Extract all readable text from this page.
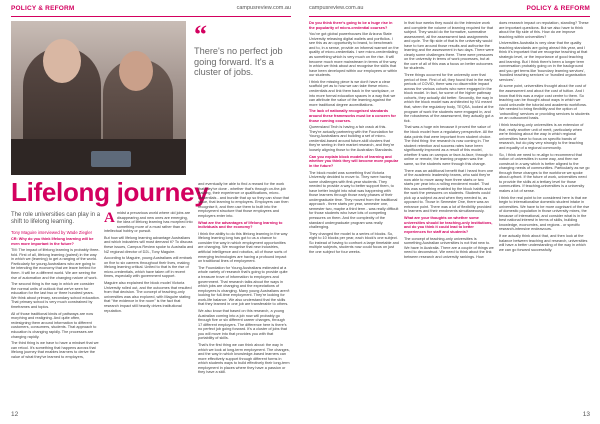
POLICY & REFORM	campusreview.com.au
“
There's no perfect job going forward. It's a cluster of jobs.
Lifelong journey
The role universities can play in a shift to lifelong learning.
Tony Maguire interviewed by Wade Ziegler

Amidst a precarious world where old jobs are disappearing and new ones are emerging, the idea of lifelong learning has morphed into something more of a must rather than an intellectual hobby or pursuit.

But how will lifelong learning advantage Australians and which industries will most demand it? To discuss these issues, Campus Review spoke to Australia and NZ regional director of D2L, Tony Maguire.

According to Maguire, young Australians will embark on five to six careers throughout their lives, making lifelong learning critical. United to that is the rise of micro-credentials, which have taken off in recent times, especially with government support.

Maguire also explained the block model Victoria University rolled out, and the outcomes that resulted from that decision. The concept of teaching-only universities was also explored, with Maguire stating that "the evidence in the room" is the fact that research impact still heavily drives institutional reputation.

CR: Why do you think lifelong learning will be even more important in the future?

TM: The impact of lifelong learning is probably three-fold. First of all, lifelong learning (paired) in the way in which we (learning) to get a ranging of the world. Particularly for young Australians who are going to be intending the economy that we leave behind for them. It will be a different world. We are seeing the rise of automation and the changing nature of work.

The second thing is the way in which we consider the normal units of outlook that we've seen for education for the last two or three hundred years. We think about primary, secondary school education. That primary school is very much constrained by timeframes and topics.

All of those traditional kinds of pathways are now morphing and realigning. And quite often, redesigning them around information to different customers, consumers, students. That approach to education is changing rapidly. The processes are changing rapidly.

The third thing is we have to have a mindset that we can retool. It's something that happens across that lifelong journey that enables learners to derive the value of what they've learned to employers,

and eventually be able to find a reward for the work that they've done - whether that's through on-the-job training, their experience or qualifications, micro-credentials - and bundle that up so they can show that value, that learning to employers. Employers can then recognise it, and then use them to built into the employment structure that those employees and employers enter into.

What are the advantages of lifelong learning to individuals and the economy?

I think the ability to do this lifelong learning in the way lifelong learning long has got to us a chance to consider the way in which employment opportunities are changing. We recognise that new industries, artificial intelligence and robotics, all of those sorts of emerging technologies are having a profound impact on traditional lines of employment.

The Foundation for Young Australians estimated at a whole variety of research that's going to provide quite a treasure trove of information to employers and government. That research talks about the ways in which jobs are changing and the expectations of employees is changing. Many young Australians aren't looking for full-time employment. They're looking for work-life balance. We also understand that the skills that they learned in one job are transferable to others.

We also know that based on this research, a young Australian coming into a job now will probably go through five or six different career changes, through 17 different employers. The difference here is there's no perfect job going forward. It's a cluster of jobs that you will move into that provides you with that portability of skills.

That's the first thing we can think about: the way in which we look at long-term employment. The changes, and the way in which knowledge-based learners can more effectively support through different forms in which students ways to build effectively their long-term employment in places where they have a passion or they have a skill.

12
campusreview.com.au	POLICY & REFORM

Do you think there's going to be a huge rise in the popularity of micro-credential courses?

You've got global powerhouses like Arizona State University releasing digital wallets and portfolios. I see this as an opportunity to brand, to benchmark and to, in a sense, provide an informal warrant on the quality of micro-credentials. I see micro-credentialing as something which is very much on the rise. It will become much more mainstream in terms of the way in which we think about and recognise the skills that have been developed within our employees or within our students.

I think the missing piece is we don't have a clear scaffold yet as to how we can take these micro-credentials and link them back in the workplace, or into more formal education spaces in a way that we can attribute the value of the learning against the more traditional degree accreditations.

The lack of nationally recognised standards around these frameworks must be a concern for those running courses.

Queensland Tech is having a fair crack at this. They're actually partnering with the Foundation for Young Australians and building a set of micro-credential-based around future-skill clusters that they're seeing in their market research, and they're loosely aligning those to the Australian Standards.

Can you explain block models of learning and whether you think they will become more popular in the future?

The block model was something that Victoria University decided to move to. They were having some challenges with first-year students. They needed to provide a way to better support them, to have better insight into what was happening with those learners through those early phases of their undergraduate time. They moved from the traditional approach - three starts per year, semester one, semester two, maybe a third term - was really difficult for those students who have lots of competing pressures on them. And the complexity of the standard undergraduate program was really challenging.

They changed the model to a series of blocks. So, eight to 10 blocks per year, each block's one subject. So instead of having to confront a large timetable and multiple subjects, students now could focus on just the one subject for four weeks.

In that four weeks they would do the intensive work and complete the volume of learning required for that subject. They would do the formative, summative assessment, all the assessment task assignments and cycle. The flip side of that is the university would have to turn around those results and authorise the learning and the assessment in two days. There were clearly some challenges there. There were pressures on the university in terms of work processes, but at the core of all of this was a focus on better outcomes for students.

Three things occurred for the university over that period of time. First of all, they found that in the early periods of COVID, there was no discernible impact across the various cohorts who were engaged in the block model. In fact, for some of the higher pathway cohorts, they actually did better. Secondly, the way in which the block model was architected by VU meant that, when the regulatory body, TEQSA, looked at the program of work the students were engaged in, and the robustness of the assessment, they actually got a tick.

That was a huge win because it proved the value of the block model from a regulatory perspective. All the data points that were important from student choice. The third thing: the research is now coming in. The student retention and success rates have been significantly improved as a result of this model, whether it was on campus or face-to-face, through to online or remote, the learning program was the same, so the students were through this change.

There was an additional benefit that I heard from one of the academic leadership teams, who said they're now able to move away from three starts or two starts per year into a rolling enrolment model. That this was something enabled by the block habits and the work the pressures on students. Students could pick up a subject as and when they needed to, as opposed to. Those in Semester One, there was an entrance point. There was a lot of flexibility provided to learners and their enrolments simultaneously.

What are your thoughts on whether some universities should be teaching-only institutions, and do you think it could lead to better experiences for staff and students?

The concept of teaching-only universities is something Australian universities is not that new to. We have in Australia. There are a couple of things we need to deconstruct. We need to think about the link between research and university rankings. How

does research impact on reputation, standing? These are important questions. But we also have to think about the flip side of this. How do we improve teaching within universities?

Universities Australia is very clear that the quality teaching standards are going ahead this year, and I think it's important that we recognise teaching at that strategic level, or the importance of good teaching and learning. But I think there's been a longer term conversation probably going on in the background and you get terms like 'boundary learning services', 'bundled teaching services' or 'bundled organisation services'.

At some point, universities thought about the cost of the assessment and about the cost of tuition. And I know that this was a major cost centre to them. So teaching can be thought about ways in which we could unbundle the tutorial and academic workflows. We needed to bring flexibility and the option of 'unbundling' services or providing services to students on an outsourced basis.

I think teaching-only universities is an extension of that, really another unit of merit, particularly when we're thinking about the way in which regional universities have to focus on specific bands of research, but do play very strongly to the teaching and equality of a regional community.

So, I think we need to re-align to recommend that notion of universities in some way, and then we construct in a way which is better aligned to the changing needs of communities. Particularly as we go through these changes to the workforce we spoke about upfront. If the future of work, universities need to provide the skills at a tertiary level for those communities. If teaching-universities is a university makes a lot of sense.

I think the real point to be considered here is that we begin to internationalise domestic student intake in universities. We have to be more cognisant of the rise of domestic population in those university mixes, the because of international, and consider what is in the best national interest in terms of skills, building knowledge, economies, and regions - or specific research-intensive endeavours.

If we actually think about that, and then look at the balance between teaching and research, universities will have a better understanding of the way in which we can go forward successfully.

13
